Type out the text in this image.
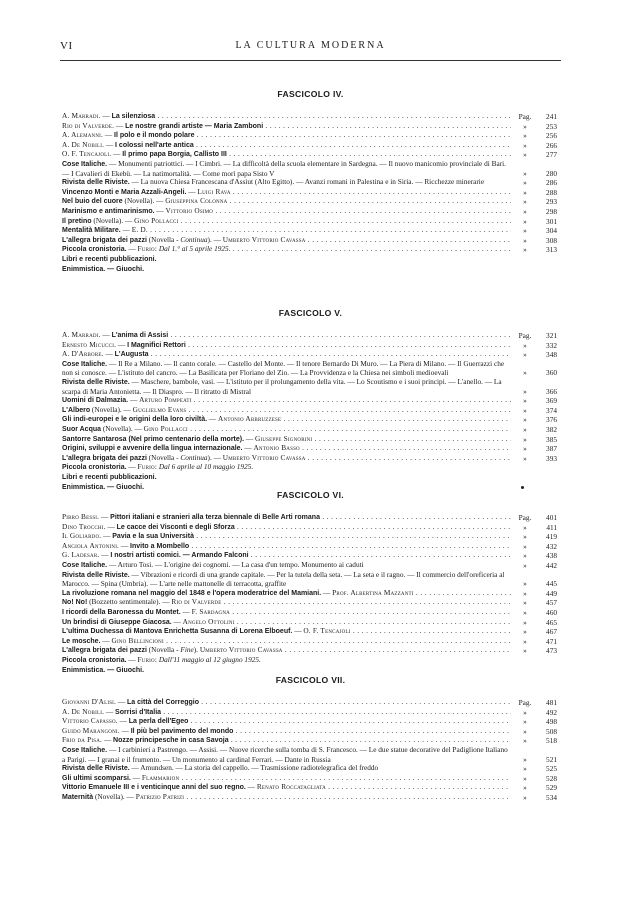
VI	LA CULTURA MODERNA
FASCICOLO IV.
A. Marradi. — La silenziosa . . .	Pag. 241
Rio di Valverde. — Le nostre grandi artiste — Maria Zamboni . . .	»	253
A. Alemanni. — Il polo e il mondo polare . . .	»	256
A. De Nobili. — I colossi nell'arte antica . . .	»	266
O. F. Tencajoli. — Il primo papa Borgia, Callisto III . . .	»	277
Cose Italiche. — Monumenti patriottici. — I Cimbri. — La difficoltà della scuola elementare in Sardegna. — Il nuovo manicomio provinciale di Bari. — I Cavalieri di Ekebù. — La natimortalità. — Come morì papa Sisto V	»	280
Rivista delle Riviste. — La nuova Chiesa Francescana d'Assiut (Alto Egitto). — Avanzi romani in Palestina e in Siria. — Ricchezze minerarie	»	286
Vincenzo Monti e Maria Azzali-Angeli. — Luigi Rava . . .	»	288
Nel buio del cuore (Novella). — Giuseppina Colonna . . .	»	293
Marinismo e antimarinismo. — Vittorio Osimo . . .	»	298
Il pretino (Novella). — Gino Pollacci . . .	»	301
Mentalità Militare. — E. D. . . .	»	304
L'allegra brigata dei pazzi (Novella - Continua). — Umberto Vittorio Cavassa . . .	»	308
Piccola cronistoria. — Furio: Dal 1.° al 5 aprile 1925. . . .	»	313
Libri e recenti pubblicazioni.
Enimmistica. — Giuochi.
FASCICOLO V.
A. Marradi. — L'anima di Assisi . . .	Pag. 321
Ernesto Micucci. — I Magnifici Rettori . . .	»	332
A. D'Arbore. — L'Augusta . . .	»	348
Cose Italiche. — Il Re a Milano. — Il canto corale. — Castello del Monte. — Il tenore Bernardo Di Muro. — La Piera di Milano. — Il Guerrazzi che non si conosce. — L'istituto del cancro. — La Basilicata per Floriano del Zio. — La Provvidenza e la Chiesa nei simboli medioevali	»	360
Rivista delle Riviste. — Maschere, bambole, vasi. — L'istituto per il prolungamento della vita. — Lo Scoutismo e i suoi principi. — L'anello. — La scarpa di Maria Antonietta. — Il Diaspro. — Il ritratto di Mistral	»	366
Uomini di Dalmazia. — Arturo Pompeati . . .	»	369
L'Albero (Novella). — Guglielmo Evans . . .	»	374
Gli indi-europei e le origini della loro civiltà. — Antonio Abbruzzese . . .	»	376
Suor Acqua (Novella). — Gino Pollacci . . .	»	382
Santorre Santarosa (Nel primo centenario della morte). — Giuseppe Signorini . . .	»	385
Origini, sviluppi e avvenire della lingua internazionale. — Antonio Basso . . .	»	387
L'allegra brigata dei pazzi (Novella - Continua). — Umberto Vittorio Cavassa . . .	»	393
Piccola cronistoria. — Furio: Dal 6 aprile al 10 maggio 1925.
Libri e recenti pubblicazioni.
Enimmistica. — Giuochi.
FASCICOLO VI.
Pirro Bessi. — Pittori italiani e stranieri alla terza biennale di Belle Arti romana . . .	Pag. 401
Dino Trocchi. — Le cacce dei Visconti e degli Sforza . . .	»	411
Il Goliardo. — Pavia e la sua Università . . .	»	419
Angiola Antonini. — Invito a Mombello . . .	»	432
G. Ladesar. — I nostri artisti comici. — Armando Falconi . . .	»	438
Cose Italiche. — Arturo Tosi. — L'origine dei cognomi. — La casa d'un tempo. Monumento ai caduti	»	442
Rivista delle Riviste. — Vibrazioni e ricordi di una grande capitale. — Per la tutela della seta. — La seta e il ragno. — Il commercio dell'oreficeria al Marocco. — Spina (Umbria). — L'arte nelle mattonelle di terracotta, graffite	»	445
La rivoluzione romana nel maggio del 1848 e l'opera moderatrice del Mamiani. — Prof. Albertina Mazzanti . . .	»	449
No! No! (Bozzetto sentimentale). — Rio di Valverde . . .	»	457
I ricordi della Baronessa du Montet. — F. Sardagna . . .	»	460
Un brindisi di Giuseppe Giacosa. — Angelo Ottolini . . .	»	465
L'ultima Duchessa di Mantova Enrichetta Susanna di Lorena Elboeuf. — O. F. Tencajoli . . .	»	467
Le mosche. — Gino Bellincioni . . .	»	471
L'allegra brigata dei pazzi (Novella - Fine). Umberto Vittorio Cavassa . . .	»	473
Piccola cronistoria. — Furio: Dall'11 maggio al 12 giugno 1925.
Enimmistica. — Giuochi.
FASCICOLO VII.
Giovanni D'Alisi. — La città del Correggio . . .	Pag. 481
A. De Nobili. — Sorrisi d'Italia . . .	»	492
Vittorio Capasso. — La perla dell'Egeo . . .	»	498
Guido Marangoni. — Il più bel pavimento del mondo . . .	»	508
Frio da Pisa. — Nozze principesche in casa Savoja . . .	»	518
Cose Italiche. — I carbinieri a Pastrengo. — Assisi. — Nuove ricerche sulla tomba di S. Francesco. — Le due statue decorative del Padiglione Italiano a Parigi. — I granai e il frumento. — Un monumento al cardinal Ferrari. — Dante in Russia	»	521
Rivista delle Riviste. — Amundsen. — La storia del cappello. — Trasmissione radiotelegrafica del freddo	»	525
Gli ultimi scomparsi. — Flammarion . . .	»	528
Vittorio Emanuele III e i venticinque anni del suo regno. — Renato Roccatagliata . . .	»	529
Maternità (Novella). — Patrizio Patrizi . . .	»	534
